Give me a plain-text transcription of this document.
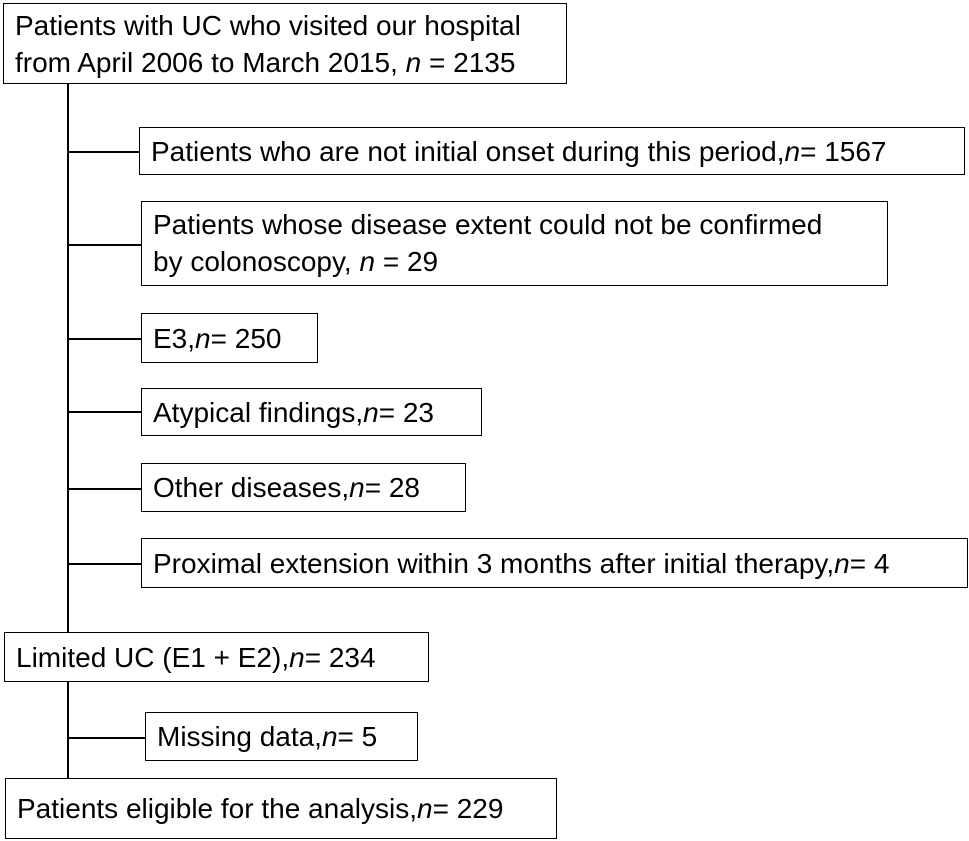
Patients with UC who visited our hospital
from April 2006 to March 2015, n = 2135
Patients who are not initial onset during this period, n = 1567
Patients whose disease extent could not be confirmed
by colonoscopy, n = 29
E3, n = 250
Atypical findings, n = 23
Other diseases, n = 28
Proximal extension within 3 months after initial therapy, n = 4
Limited UC (E1 + E2), n = 234
Missing data, n = 5
Patients eligible for the analysis, n = 229
